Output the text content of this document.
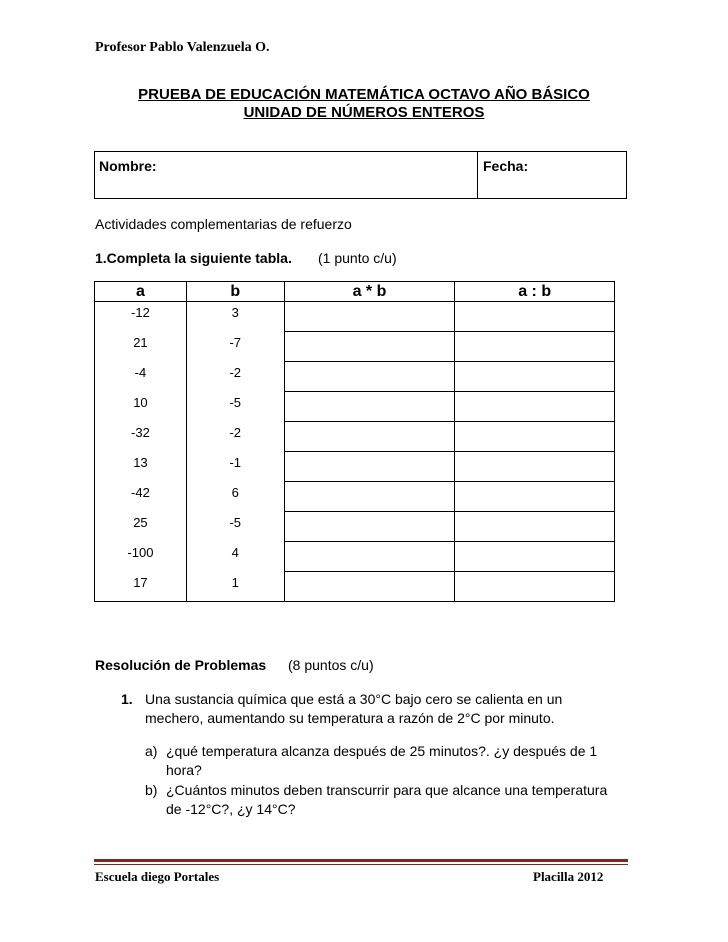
Profesor Pablo Valenzuela O.
PRUEBA DE EDUCACIÓN MATEMÁTICA OCTAVO AÑO BÁSICO
UNIDAD DE NÚMEROS ENTEROS
Nombre:	Fecha:
Actividades complementarias de refuerzo
1.Completa la siguiente tabla. (1 punto c/u)
a	b	a * b	a : b
-12	3		
21	-7		
-4	-2		
10	-5		
-32	-2		
13	-1		
-42	6		
25	-5		
-100	4		
17	1		
Resolución de Problemas (8 puntos c/u)
1. Una sustancia química que está a 30°C bajo cero se calienta en un
mechero, aumentando su temperatura a razón de 2°C por minuto.
a) ¿qué temperatura alcanza después de 25 minutos?. ¿y después de 1
hora?
b) ¿Cuántos minutos deben transcurrir para que alcance una temperatura
de -12°C?, ¿y 14°C?
Escuela diego Portales	Placilla 2012
